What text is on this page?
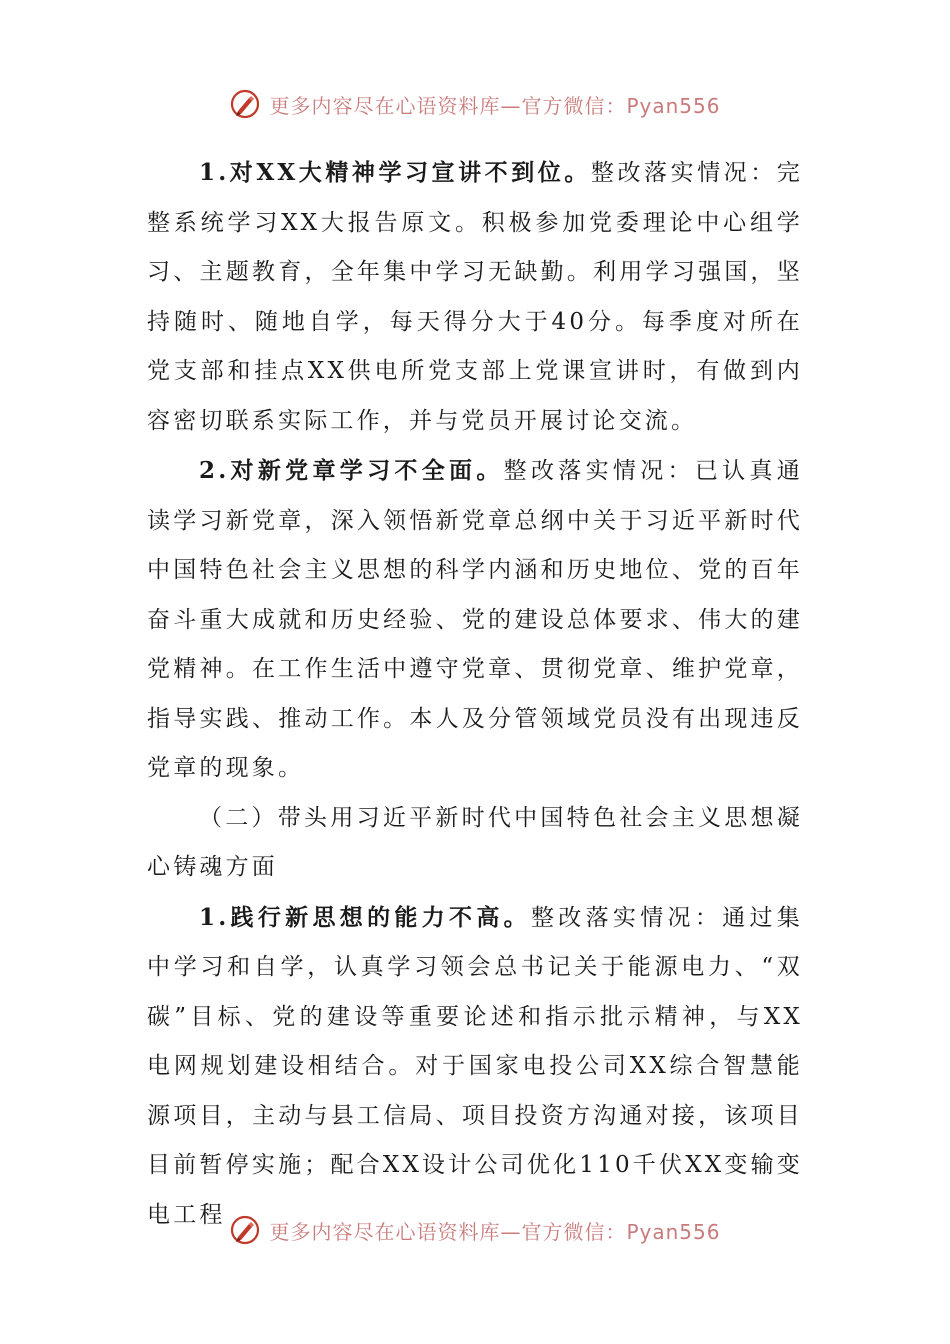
更多内容尽在心语资料库—官方微信：Pyan556

1.对XX大精神学习宣讲不到位。整改落实情况：完整系统学习XX大报告原文。积极参加党委理论中心组学习、主题教育，全年集中学习无缺勤。利用学习强国，坚持随时、随地自学，每天得分大于40分。每季度对所在党支部和挂点XX供电所党支部上党课宣讲时，有做到内容密切联系实际工作，并与党员开展讨论交流。

2.对新党章学习不全面。整改落实情况：已认真通读学习新党章，深入领悟新党章总纲中关于习近平新时代中国特色社会主义思想的科学内涵和历史地位、党的百年奋斗重大成就和历史经验、党的建设总体要求、伟大的建党精神。在工作生活中遵守党章、贯彻党章、维护党章，指导实践、推动工作。本人及分管领域党员没有出现违反党章的现象。

（二）带头用习近平新时代中国特色社会主义思想凝心铸魂方面

1.践行新思想的能力不高。整改落实情况：通过集中学习和自学，认真学习领会总书记关于能源电力、“双碳”目标、党的建设等重要论述和指示批示精神，与XX电网规划建设相结合。对于国家电投公司XX综合智慧能源项目，主动与县工信局、项目投资方沟通对接，该项目目前暂停实施；配合XX设计公司优化110千伏XX变输变电工程

更多内容尽在心语资料库—官方微信：Pyan556
